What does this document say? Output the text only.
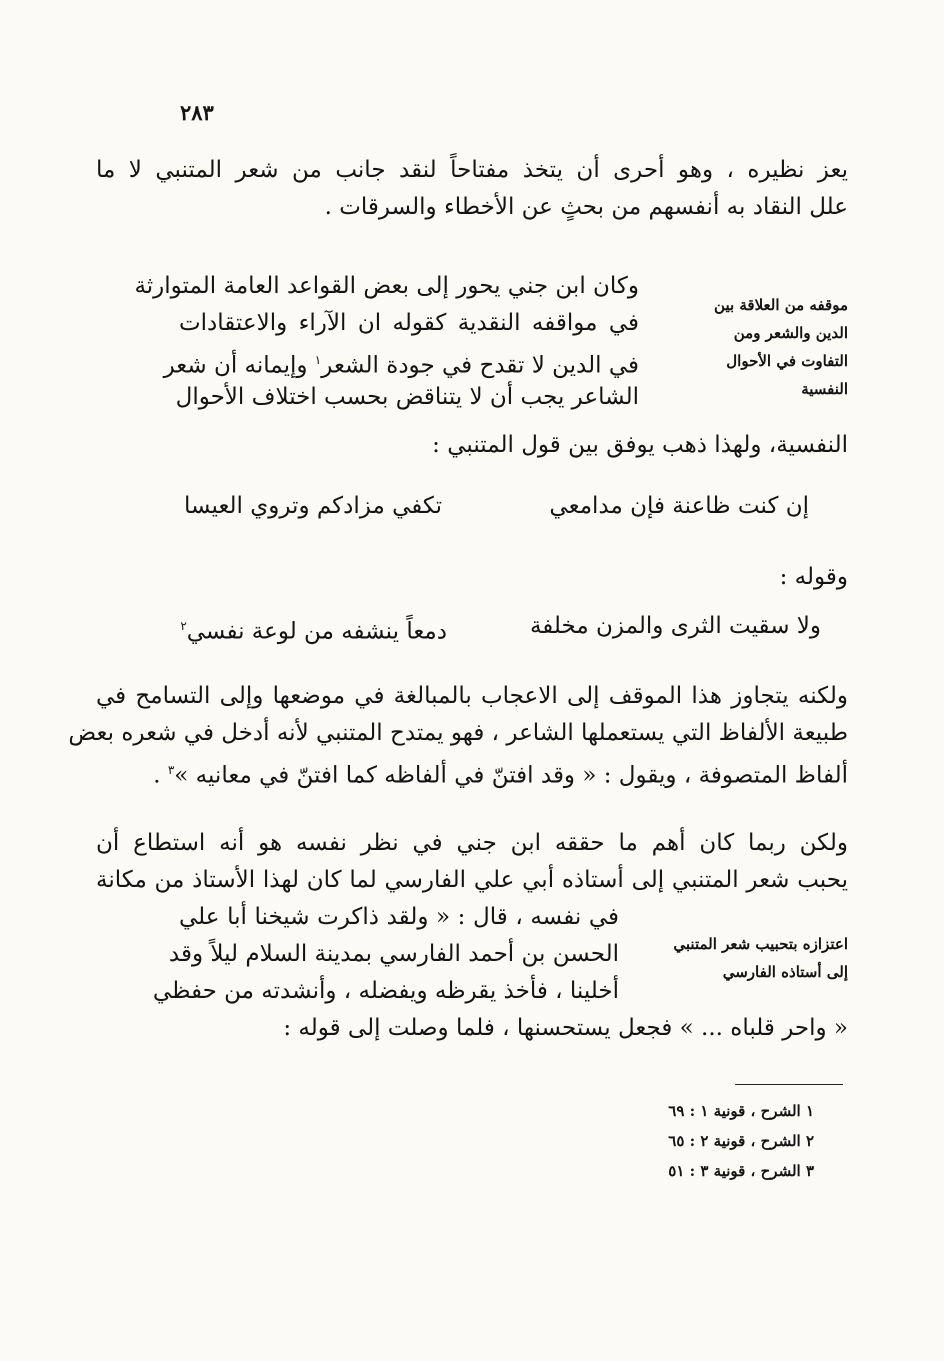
٢٨٣
يعز نظيره ، وهو أحرى أن يتخذ مفتاحاً لنقد جانب من شعر المتنبي لا ما
علل النقاد به أنفسهم من بحثٍ عن الأخطاء والسرقات .
موقفه من العلاقة بين
الدين والشعر ومن
التفاوت في الأحوال
النفسية
وكان ابن جني يحور إلى بعض القواعد العامة المتوارثة
في مواقفه النقدية كقوله ان الآراء والاعتقادات
في الدين لا تقدح في جودة الشعر$^١$ وإيمانه أن شعر
الشاعر يجب أن لا يتناقض بحسب اختلاف الأحوال
النفسية، ولهذا ذهب يوفق بين قول المتنبي :
إن كنت ظاعنة فإن مدامعي
تكفي مزادكم وتروي العيسا
وقوله :
ولا سقيت الثرى والمزن مخلفة
دمعاً ينشفه من لوعة نفسي$^٢$
ولكنه يتجاوز هذا الموقف إلى الاعجاب بالمبالغة في موضعها وإلى التسامح في
طبيعة الألفاظ التي يستعملها الشاعر ، فهو يمتدح المتنبي لأنه أدخل في شعره بعض
ألفاظ المتصوفة ، ويقول : « وقد افتنّ في ألفاظه كما افتنّ في معانيه »$^٣$ .
ولكن ربما كان أهم ما حققه ابن جني في نظر نفسه هو أنه استطاع أن
يحبب شعر المتنبي إلى أستاذه أبي علي الفارسي لما كان لهذا الأستاذ من مكانة
في نفسه ، قال : « ولقد ذاكرت شيخنا أبا علي
الحسن بن أحمد الفارسي بمدينة السلام ليلاً وقد
أخلينا ، فأخذ يقرظه ويفضله ، وأنشدته من حفظي
« واحر قلباه ... » فجعل يستحسنها ، فلما وصلت إلى قوله :
اعتزازه بتحبيب شعر المتنبي
إلى أستاذه الفارسي
١ الشرح ، قونية ١ : ٦٩
٢ الشرح ، قونية ٢ : ٦٥
٣ الشرح ، قونية ٣ : ٥١
